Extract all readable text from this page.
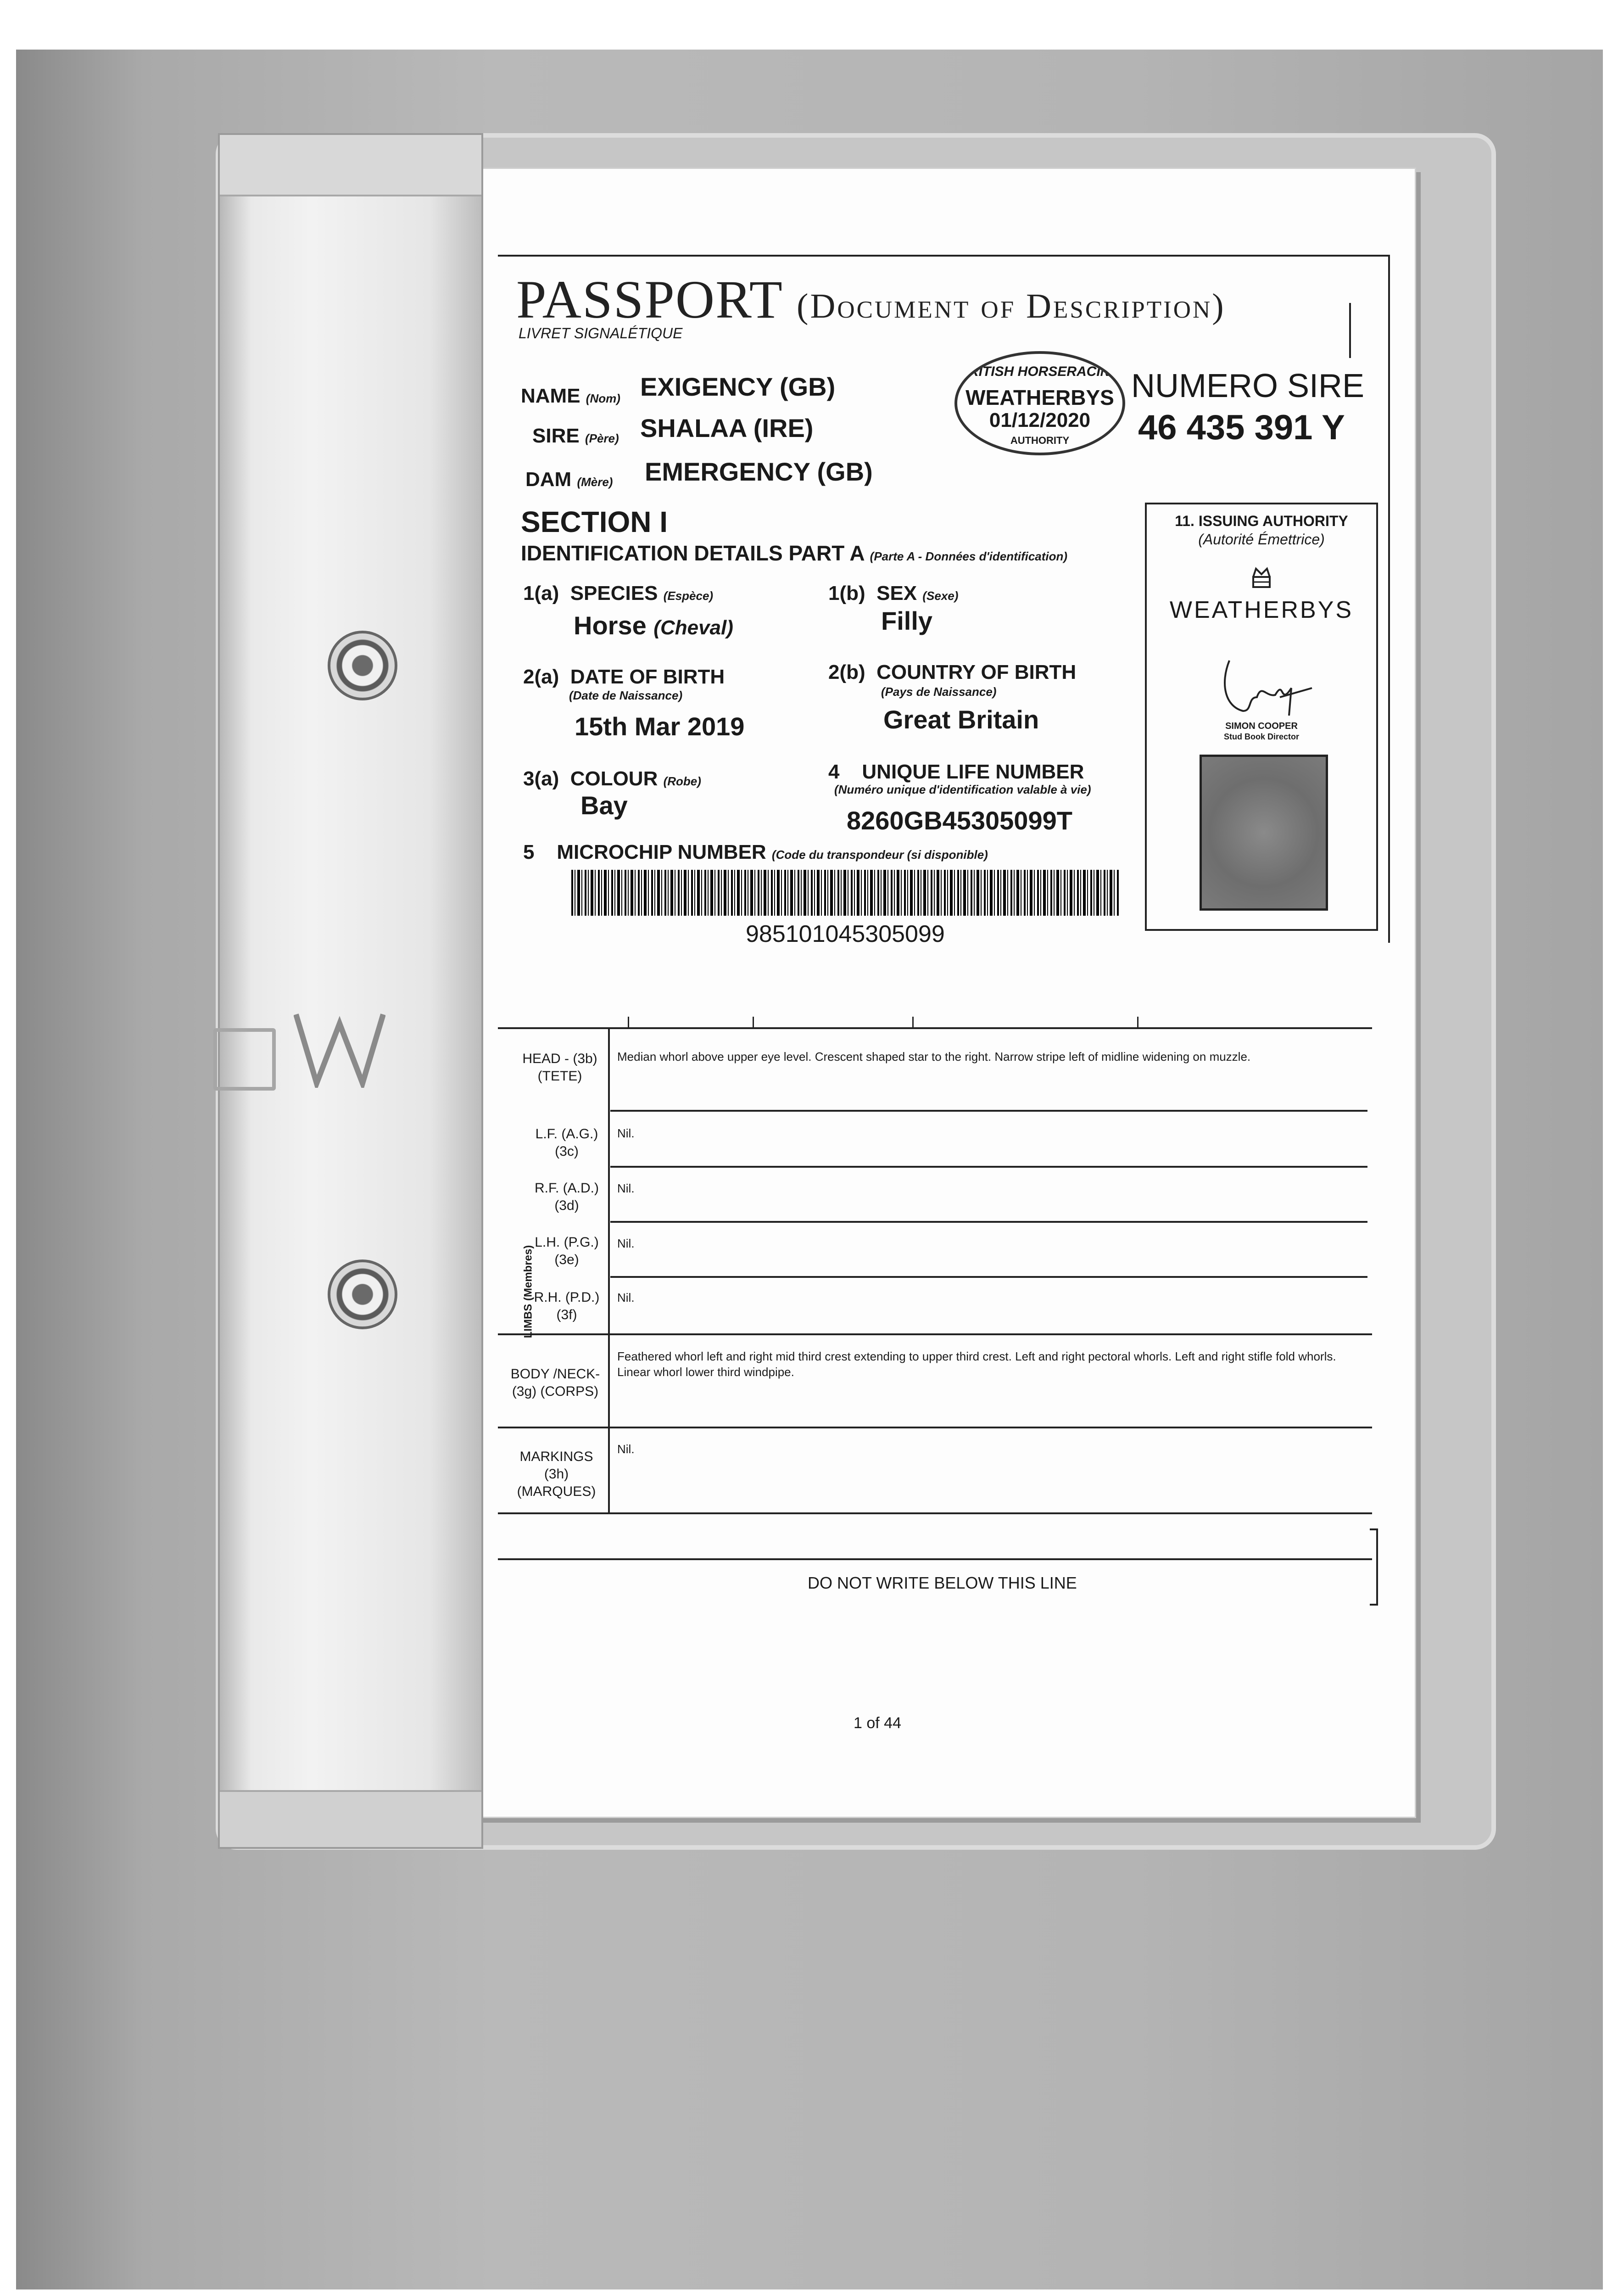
PASSPORT (Document of Description)
LIVRET SIGNALÉTIQUE
NAME (Nom) EXIGENCY (GB)
SIRE (Père) SHALAA (IRE)
DAM (Mère) EMERGENCY (GB)
BRITISH HORSERACING
WEATHERBYS
01/12/2020
AUTHORITY
NUMERO SIRE
46 435 391 Y
SECTION I
IDENTIFICATION DETAILS PART A (Parte A - Données d'identification)
1(a) SPECIES (Espèce)
Horse (Cheval)
1(b) SEX (Sexe)
Filly
2(a) DATE OF BIRTH
(Date de Naissance)
15th Mar 2019
2(b) COUNTRY OF BIRTH
(Pays de Naissance)
Great Britain
3(a) COLOUR (Robe)
Bay
4 UNIQUE LIFE NUMBER
(Numéro unique d'identification valable à vie)
8260GB45305099T
5 MICROCHIP NUMBER (Code du transpondeur (si disponible)
985101045305099
11. ISSUING AUTHORITY
(Autorité Émettrice)
WEATHERBYS
SIMON COOPER
Stud Book Director
LIMBS (Membres)
HEAD - (3b)
(TETE)
Median whorl above upper eye level. Crescent shaped star to the right. Narrow stripe left of midline widening on muzzle.
L.F. (A.G.)
(3c)
Nil.
R.F. (A.D.)
(3d)
Nil.
L.H. (P.G.)
(3e)
Nil.
R.H. (P.D.)
(3f)
Nil.
BODY /NECK-
(3g) (CORPS)
Feathered whorl left and right mid third crest extending to upper third crest. Left and right pectoral whorls. Left and right stifle fold whorls. Linear whorl lower third windpipe.
MARKINGS (3h)
(MARQUES)
Nil.
DO NOT WRITE BELOW THIS LINE
1 of 44
